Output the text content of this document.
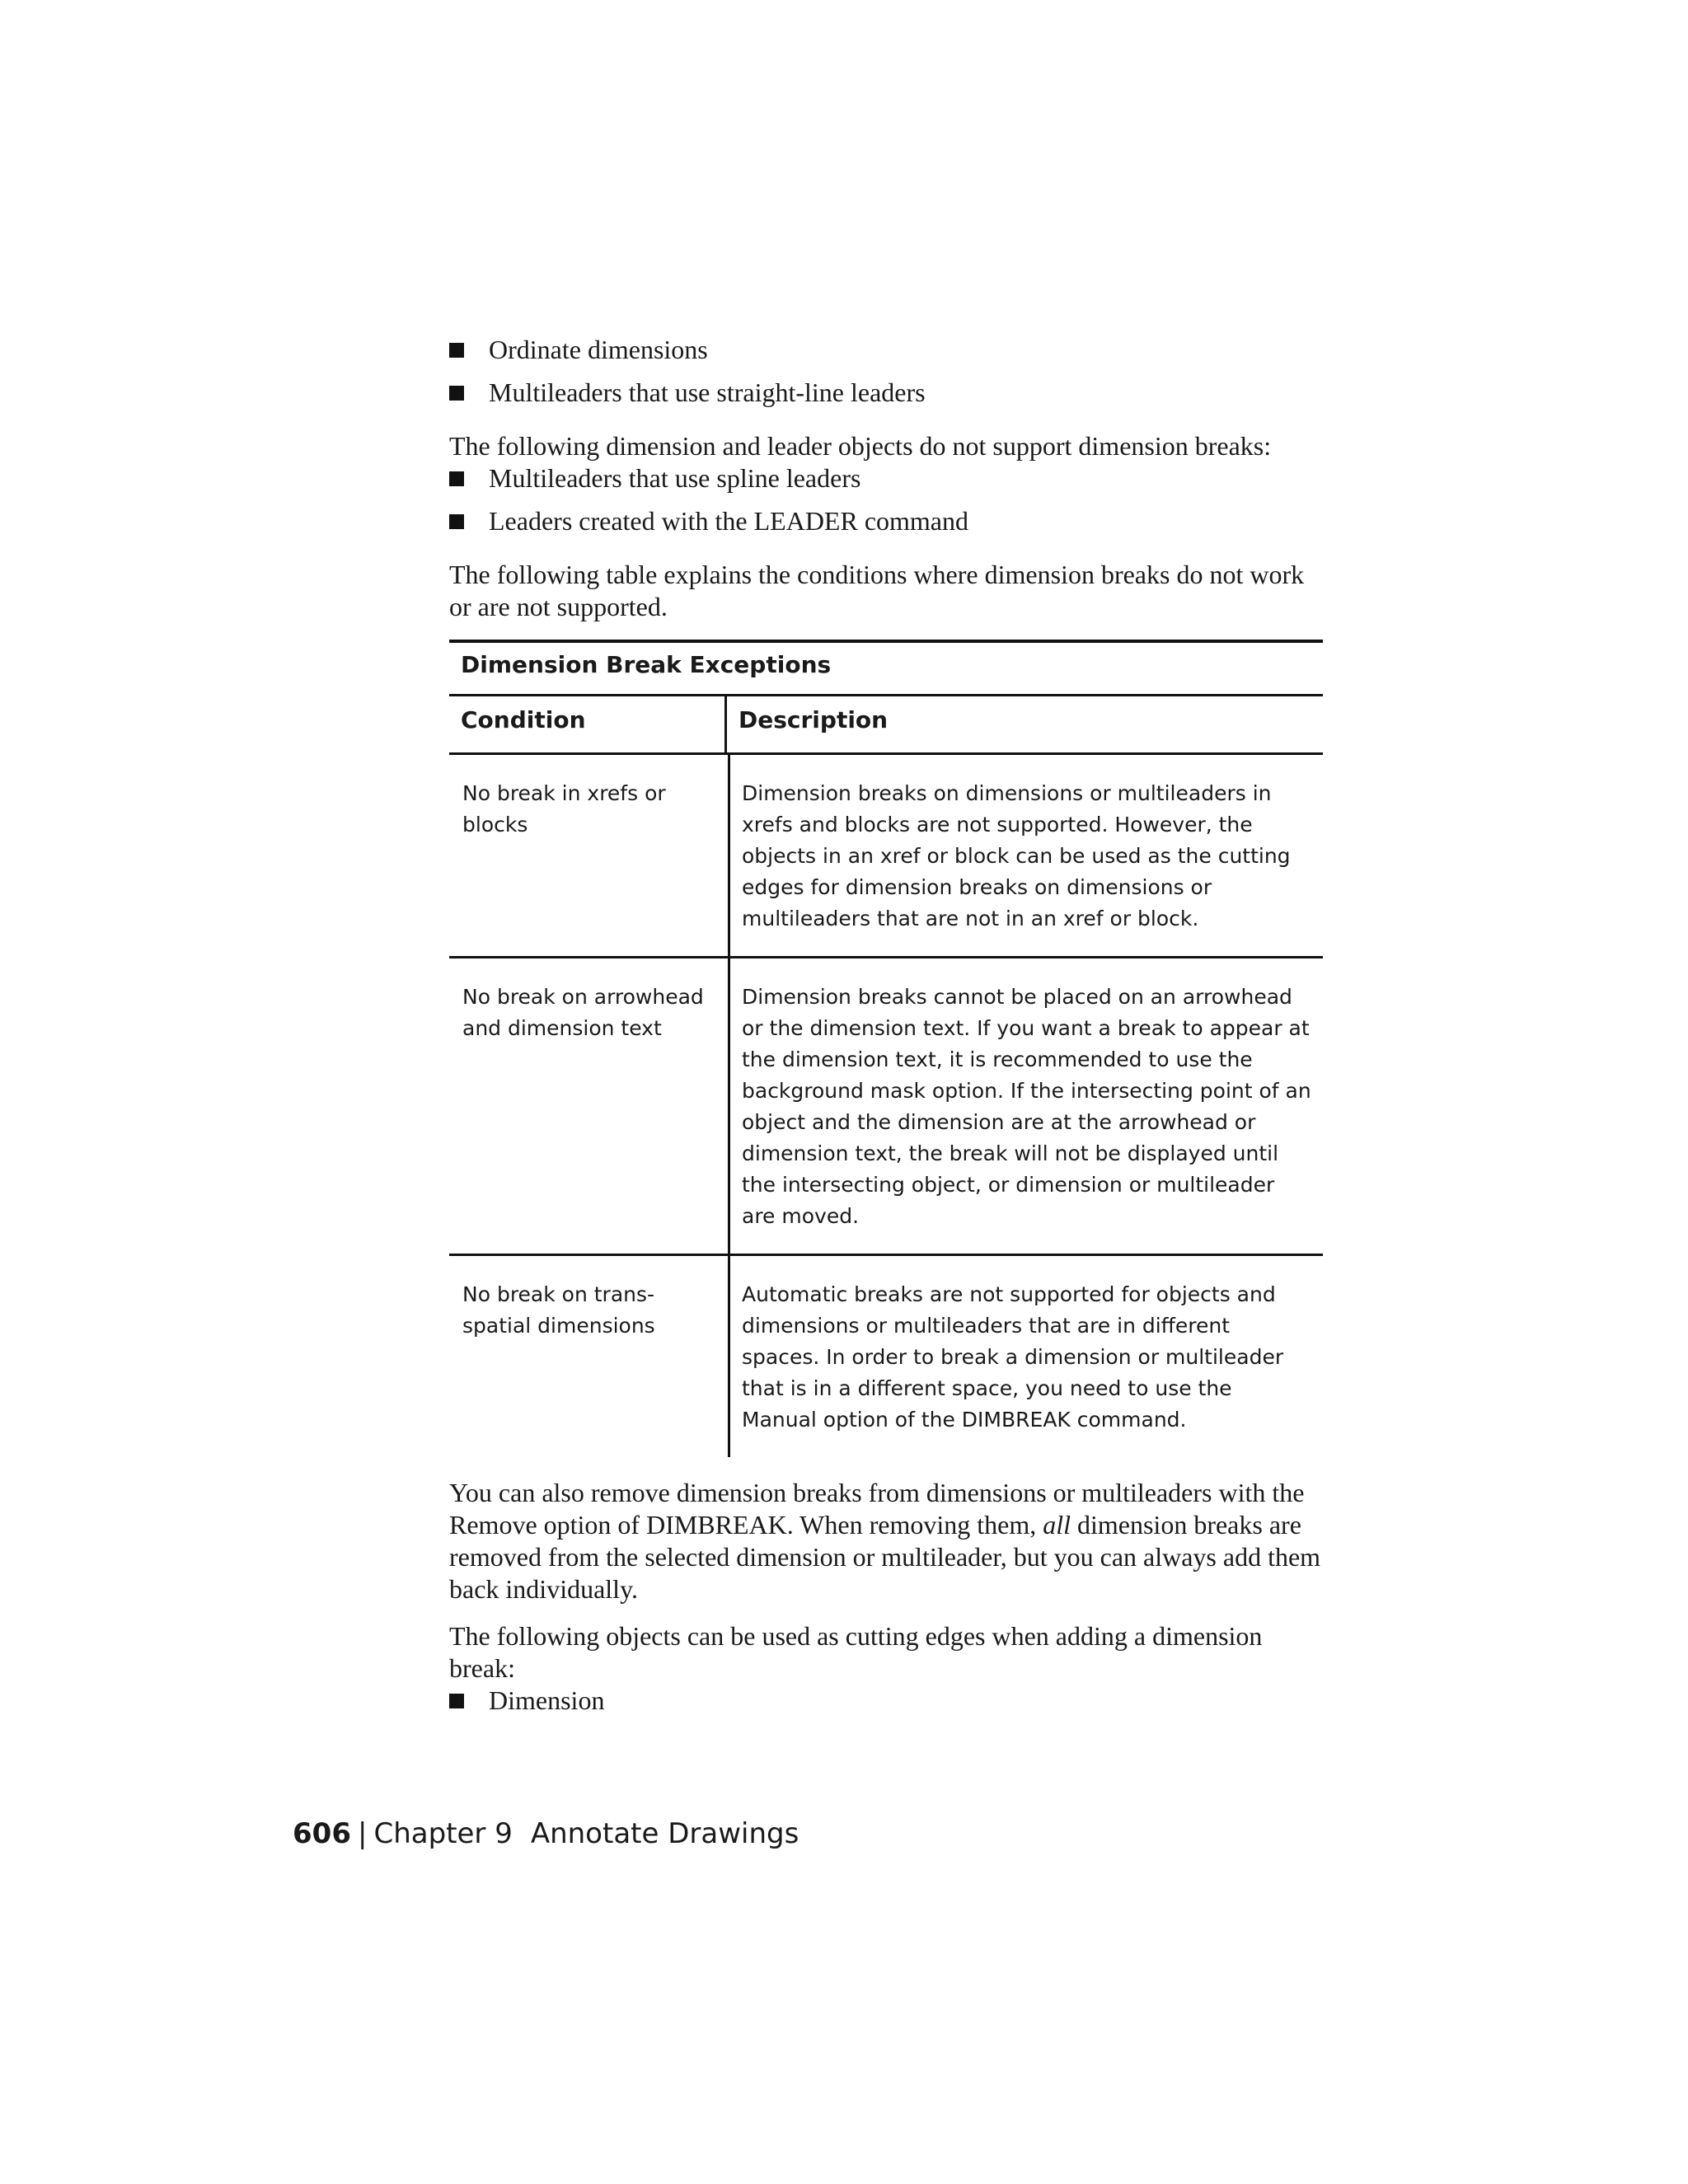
Ordinate dimensions
Multileaders that use straight-line leaders

The following dimension and leader objects do not support dimension breaks:

Multileaders that use spline leaders
Leaders created with the LEADER command

The following table explains the conditions where dimension breaks do not work or are not supported.

Dimension Break Exceptions
Condition	Description
No break in xrefs or blocks
Dimension breaks on dimensions or multileaders in xrefs and blocks are not supported. However, the objects in an xref or block can be used as the cutting edges for dimension breaks on dimensions or multileaders that are not in an xref or block.
No break on arrowhead and dimension text
Dimension breaks cannot be placed on an arrowhead or the dimension text. If you want a break to appear at the dimension text, it is recommended to use the background mask option. If the intersecting point of an object and the dimension are at the arrowhead or dimension text, the break will not be displayed until the intersecting object, or dimension or multileader are moved.
No break on trans-spatial dimensions
Automatic breaks are not supported for objects and dimensions or multileaders that are in different spaces. In order to break a dimension or multileader that is in a different space, you need to use the Manual option of the DIMBREAK command.

You can also remove dimension breaks from dimensions or multileaders with the Remove option of DIMBREAK. When removing them, all dimension breaks are removed from the selected dimension or multileader, but you can always add them back individually.

The following objects can be used as cutting edges when adding a dimension break:

Dimension
606 | Chapter 9 Annotate Drawings
